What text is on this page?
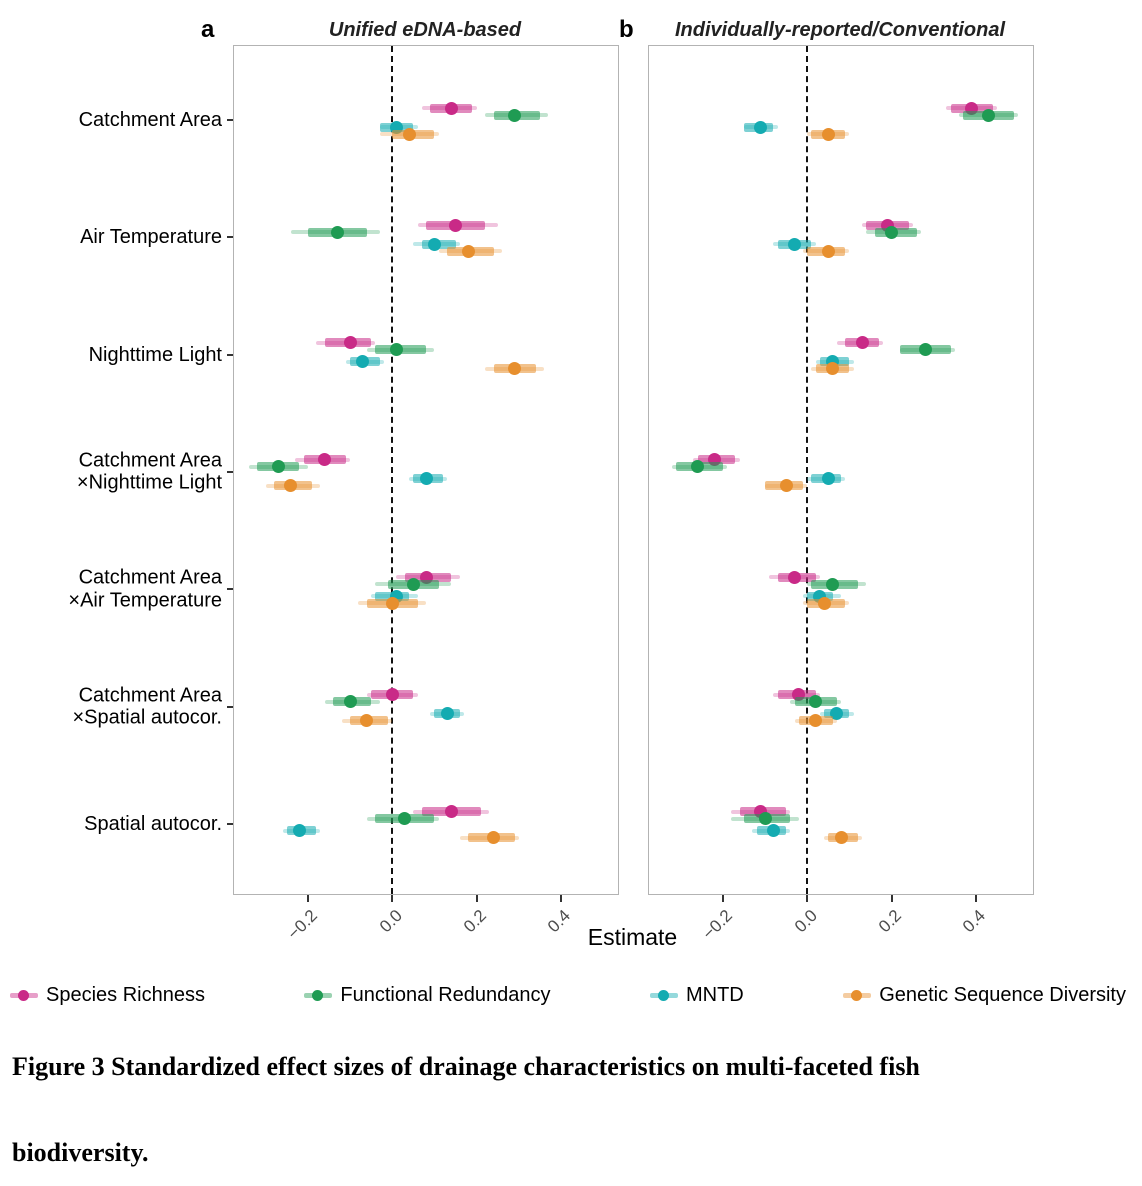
a	Unified eDNA-based	b	Individually-reported/Conventional
−0.2	0.0	0.2	0.4	−0.2	0.0	0.2	0.4
Catchment Area
Air Temperature
Nighttime Light
Catchment Area
×Nighttime Light
Catchment Area
×Air Temperature
Catchment Area
×Spatial autocor.
Spatial autocor.
Estimate
Species Richness	Functional Redundancy	MNTD	Genetic Sequence Diversity
Figure 3 Standardized effect sizes of drainage characteristics on multi-faceted fish
biodiversity.
